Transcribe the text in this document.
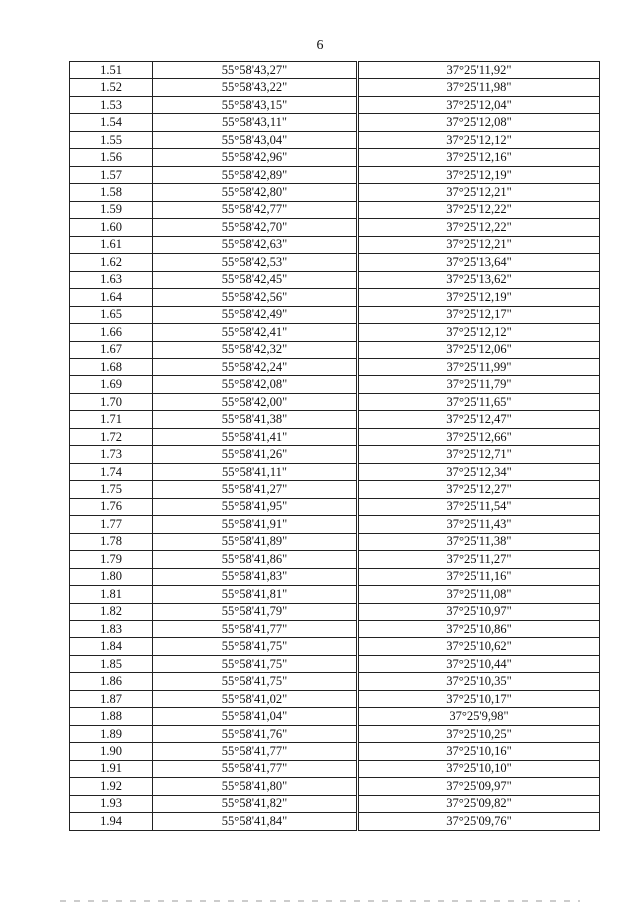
6
1.51	55°58'43,27"	37°25'11,92"
1.52	55°58'43,22"	37°25'11,98"
1.53	55°58'43,15"	37°25'12,04"
1.54	55°58'43,11"	37°25'12,08"
1.55	55°58'43,04"	37°25'12,12"
1.56	55°58'42,96"	37°25'12,16"
1.57	55°58'42,89"	37°25'12,19"
1.58	55°58'42,80"	37°25'12,21"
1.59	55°58'42,77"	37°25'12,22"
1.60	55°58'42,70"	37°25'12,22"
1.61	55°58'42,63"	37°25'12,21"
1.62	55°58'42,53"	37°25'13,64"
1.63	55°58'42,45"	37°25'13,62"
1.64	55°58'42,56"	37°25'12,19"
1.65	55°58'42,49"	37°25'12,17"
1.66	55°58'42,41"	37°25'12,12"
1.67	55°58'42,32"	37°25'12,06"
1.68	55°58'42,24"	37°25'11,99"
1.69	55°58'42,08"	37°25'11,79"
1.70	55°58'42,00"	37°25'11,65"
1.71	55°58'41,38"	37°25'12,47"
1.72	55°58'41,41"	37°25'12,66"
1.73	55°58'41,26"	37°25'12,71"
1.74	55°58'41,11"	37°25'12,34"
1.75	55°58'41,27"	37°25'12,27"
1.76	55°58'41,95"	37°25'11,54"
1.77	55°58'41,91"	37°25'11,43"
1.78	55°58'41,89"	37°25'11,38"
1.79	55°58'41,86"	37°25'11,27"
1.80	55°58'41,83"	37°25'11,16"
1.81	55°58'41,81"	37°25'11,08"
1.82	55°58'41,79"	37°25'10,97"
1.83	55°58'41,77"	37°25'10,86"
1.84	55°58'41,75"	37°25'10,62"
1.85	55°58'41,75"	37°25'10,44"
1.86	55°58'41,75"	37°25'10,35"
1.87	55°58'41,02"	37°25'10,17"
1.88	55°58'41,04"	37°25'9,98"
1.89	55°58'41,76"	37°25'10,25"
1.90	55°58'41,77"	37°25'10,16"
1.91	55°58'41,77"	37°25'10,10"
1.92	55°58'41,80"	37°25'09,97"
1.93	55°58'41,82"	37°25'09,82"
1.94	55°58'41,84"	37°25'09,76"
